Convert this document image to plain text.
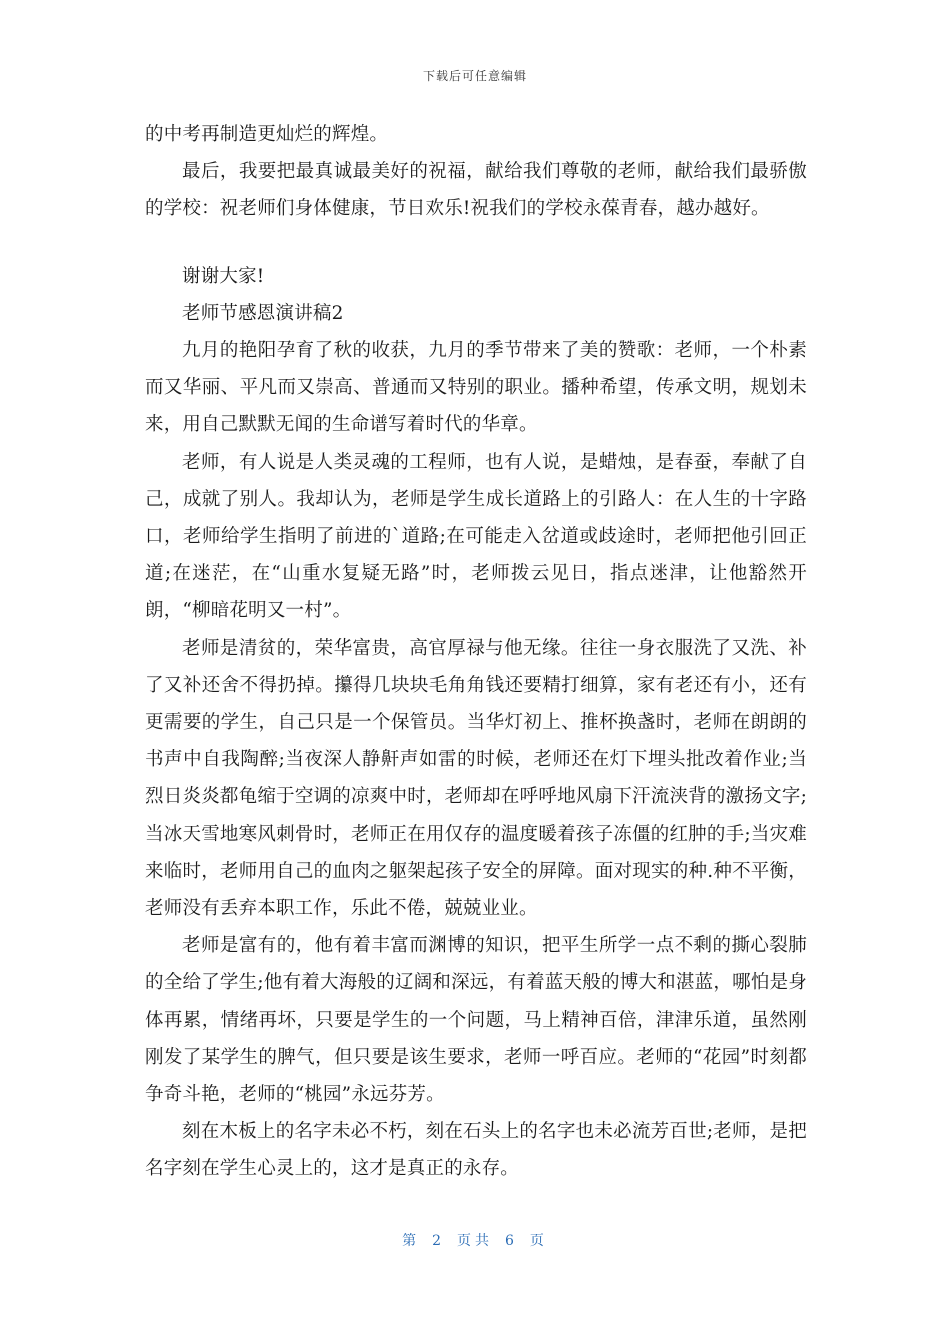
下载后可任意编辑

的中考再制造更灿烂的辉煌。

最后，我要把最真诚最美好的祝福，献给我们尊敬的老师，献给我们最骄傲的学校：祝老师们身体健康，节日欢乐!祝我们的学校永葆青春，越办越好。

谢谢大家!

老师节感恩演讲稿2

九月的艳阳孕育了秋的收获，九月的季节带来了美的赞歌：老师，一个朴素而又华丽、平凡而又崇高、普通而又特别的职业。播种希望，传承文明，规划未来，用自己默默无闻的生命谱写着时代的华章。

老师，有人说是人类灵魂的工程师，也有人说，是蜡烛，是春蚕，奉献了自己，成就了别人。我却认为，老师是学生成长道路上的引路人：在人生的十字路口，老师给学生指明了前进的`道路;在可能走入岔道或歧途时，老师把他引回正道;在迷茫，在“山重水复疑无路”时，老师拨云见日，指点迷津，让他豁然开朗，“柳暗花明又一村”。

老师是清贫的，荣华富贵，高官厚禄与他无缘。往往一身衣服洗了又洗、补了又补还舍不得扔掉。攥得几块块毛角角钱还要精打细算，家有老还有小，还有更需要的学生，自己只是一个保管员。当华灯初上、推杯换盏时，老师在朗朗的书声中自我陶醉;当夜深人静鼾声如雷的时候，老师还在灯下埋头批改着作业;当烈日炎炎都龟缩于空调的凉爽中时，老师却在呼呼地风扇下汗流浃背的激扬文字;当冰天雪地寒风刺骨时，老师正在用仅存的温度暖着孩子冻僵的红肿的手;当灾难来临时，老师用自己的血肉之躯架起孩子安全的屏障。面对现实的种.种不平衡，老师没有丢弃本职工作，乐此不倦，兢兢业业。

老师是富有的，他有着丰富而渊博的知识，把平生所学一点不剩的撕心裂肺的全给了学生;他有着大海般的辽阔和深远，有着蓝天般的博大和湛蓝，哪怕是身体再累，情绪再坏，只要是学生的一个问题，马上精神百倍，津津乐道，虽然刚刚发了某学生的脾气，但只要是该生要求，老师一呼百应。老师的“花园”时刻都争奇斗艳，老师的“桃园”永远芬芳。

刻在木板上的名字未必不朽，刻在石头上的名字也未必流芳百世;老师，是把名字刻在学生心灵上的，这才是真正的永存。

第 2 页共 6 页
